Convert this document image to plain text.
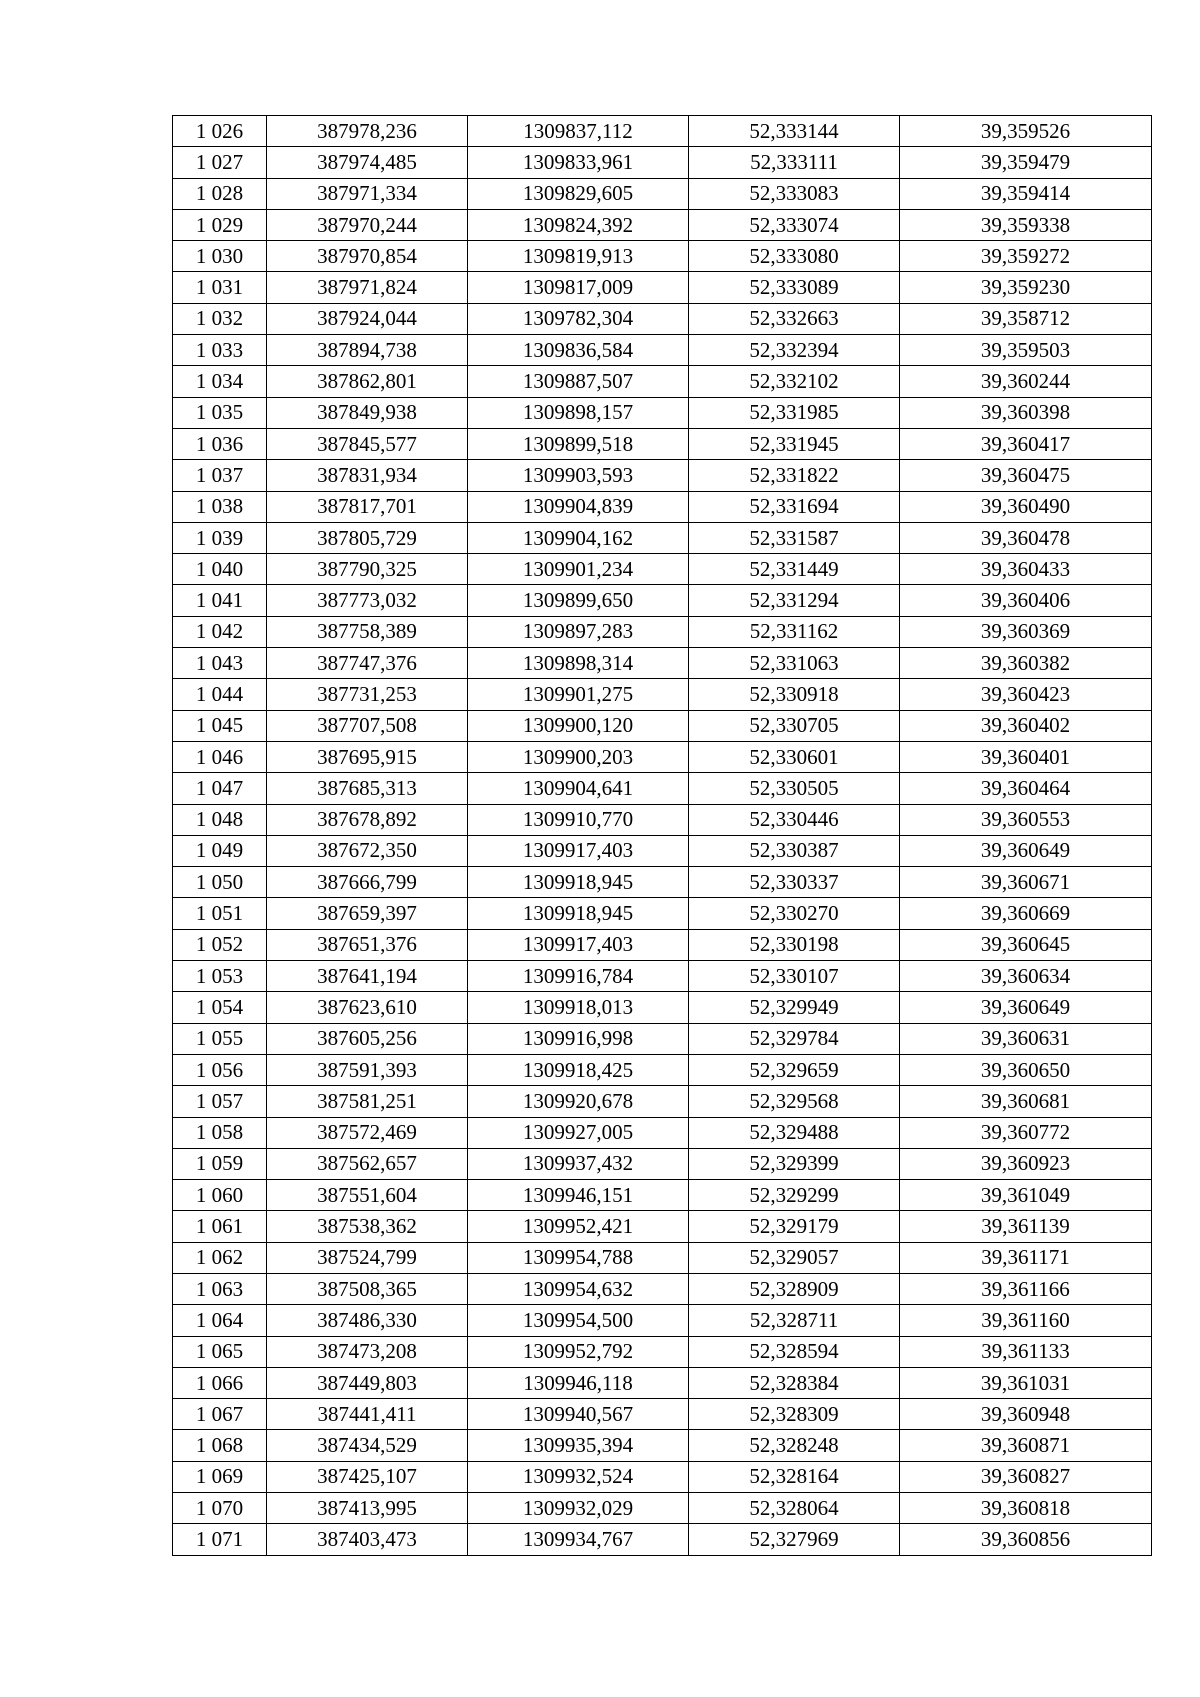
1 026	387978,236	1309837,112	52,333144	39,359526
1 027	387974,485	1309833,961	52,333111	39,359479
1 028	387971,334	1309829,605	52,333083	39,359414
1 029	387970,244	1309824,392	52,333074	39,359338
1 030	387970,854	1309819,913	52,333080	39,359272
1 031	387971,824	1309817,009	52,333089	39,359230
1 032	387924,044	1309782,304	52,332663	39,358712
1 033	387894,738	1309836,584	52,332394	39,359503
1 034	387862,801	1309887,507	52,332102	39,360244
1 035	387849,938	1309898,157	52,331985	39,360398
1 036	387845,577	1309899,518	52,331945	39,360417
1 037	387831,934	1309903,593	52,331822	39,360475
1 038	387817,701	1309904,839	52,331694	39,360490
1 039	387805,729	1309904,162	52,331587	39,360478
1 040	387790,325	1309901,234	52,331449	39,360433
1 041	387773,032	1309899,650	52,331294	39,360406
1 042	387758,389	1309897,283	52,331162	39,360369
1 043	387747,376	1309898,314	52,331063	39,360382
1 044	387731,253	1309901,275	52,330918	39,360423
1 045	387707,508	1309900,120	52,330705	39,360402
1 046	387695,915	1309900,203	52,330601	39,360401
1 047	387685,313	1309904,641	52,330505	39,360464
1 048	387678,892	1309910,770	52,330446	39,360553
1 049	387672,350	1309917,403	52,330387	39,360649
1 050	387666,799	1309918,945	52,330337	39,360671
1 051	387659,397	1309918,945	52,330270	39,360669
1 052	387651,376	1309917,403	52,330198	39,360645
1 053	387641,194	1309916,784	52,330107	39,360634
1 054	387623,610	1309918,013	52,329949	39,360649
1 055	387605,256	1309916,998	52,329784	39,360631
1 056	387591,393	1309918,425	52,329659	39,360650
1 057	387581,251	1309920,678	52,329568	39,360681
1 058	387572,469	1309927,005	52,329488	39,360772
1 059	387562,657	1309937,432	52,329399	39,360923
1 060	387551,604	1309946,151	52,329299	39,361049
1 061	387538,362	1309952,421	52,329179	39,361139
1 062	387524,799	1309954,788	52,329057	39,361171
1 063	387508,365	1309954,632	52,328909	39,361166
1 064	387486,330	1309954,500	52,328711	39,361160
1 065	387473,208	1309952,792	52,328594	39,361133
1 066	387449,803	1309946,118	52,328384	39,361031
1 067	387441,411	1309940,567	52,328309	39,360948
1 068	387434,529	1309935,394	52,328248	39,360871
1 069	387425,107	1309932,524	52,328164	39,360827
1 070	387413,995	1309932,029	52,328064	39,360818
1 071	387403,473	1309934,767	52,327969	39,360856
